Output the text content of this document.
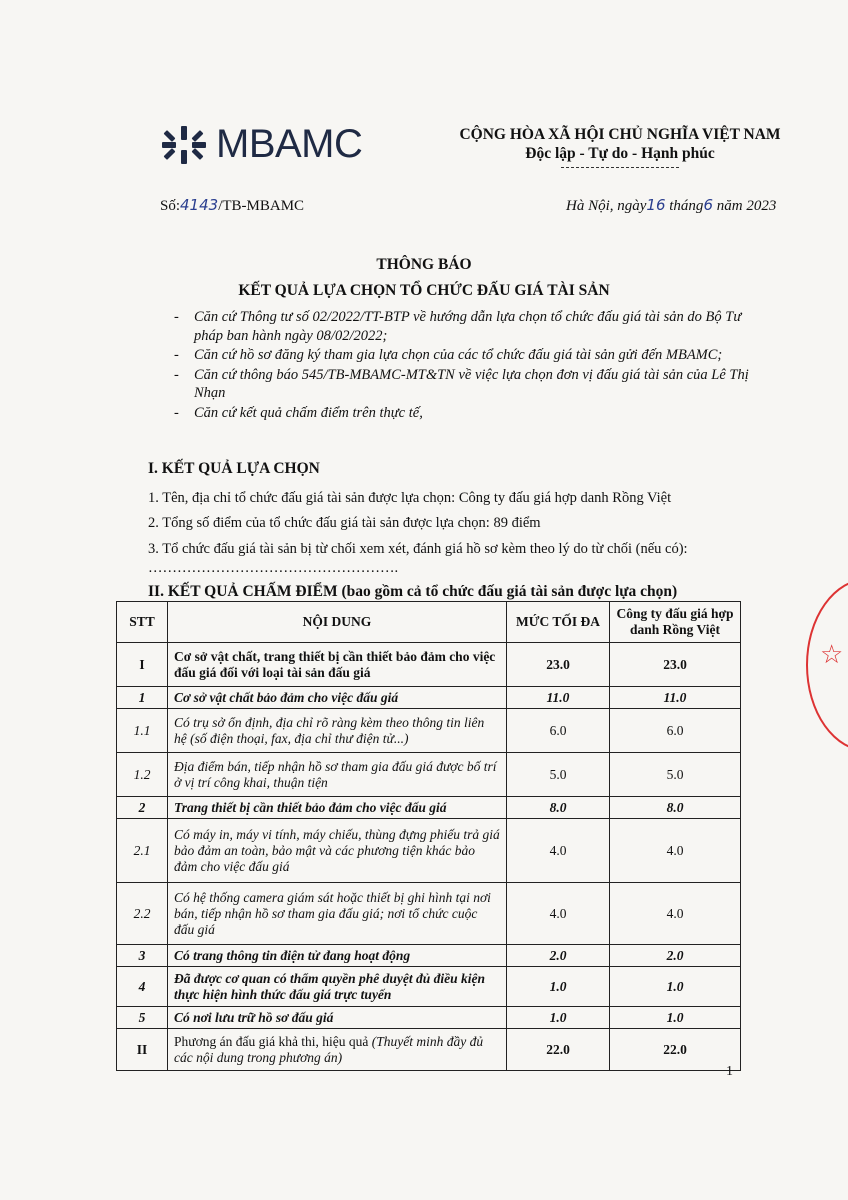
MBAMC	CỘNG HÒA XÃ HỘI CHỦ NGHĨA VIỆT NAM
Độc lập - Tự do - Hạnh phúc
Số:4143/TB-MBAMC	Hà Nội, ngày16 tháng6 năm 2023
THÔNG BÁO
KẾT QUẢ LỰA CHỌN TỔ CHỨC ĐẤU GIÁ TÀI SẢN
- Căn cứ Thông tư số 02/2022/TT-BTP về hướng dẫn lựa chọn tổ chức đấu giá tài sản do Bộ Tư pháp ban hành ngày 08/02/2022;
- Căn cứ hồ sơ đăng ký tham gia lựa chọn của các tổ chức đấu giá tài sản gửi đến MBAMC;
- Căn cứ thông báo 545/TB-MBAMC-MT&TN về việc lựa chọn đơn vị đấu giá tài sản của Lê Thị Nhạn
- Căn cứ kết quả chấm điểm trên thực tế,
I. KẾT QUẢ LỰA CHỌN
1. Tên, địa chỉ tổ chức đấu giá tài sản được lựa chọn: Công ty đấu giá hợp danh Rồng Việt
2. Tổng số điểm của tổ chức đấu giá tài sản được lựa chọn: 89 điểm
3. Tổ chức đấu giá tài sản bị từ chối xem xét, đánh giá hồ sơ kèm theo lý do từ chối (nếu có): …………………………………………….
II. KẾT QUẢ CHẤM ĐIỂM (bao gồm cả tổ chức đấu giá tài sản được lựa chọn)
STT	NỘI DUNG	MỨC TỐI ĐA	Công ty đấu giá hợp danh Rồng Việt
I	Cơ sở vật chất, trang thiết bị cần thiết bảo đảm cho việc đấu giá đối với loại tài sản đấu giá	23.0	23.0
1	Cơ sở vật chất bảo đảm cho việc đấu giá	11.0	11.0
1.1	Có trụ sở ổn định, địa chỉ rõ ràng kèm theo thông tin liên hệ (số điện thoại, fax, địa chỉ thư điện tử...)	6.0	6.0
1.2	Địa điểm bán, tiếp nhận hồ sơ tham gia đấu giá được bố trí ở vị trí công khai, thuận tiện	5.0	5.0
2	Trang thiết bị cần thiết bảo đảm cho việc đấu giá	8.0	8.0
2.1	Có máy in, máy vi tính, máy chiếu, thùng đựng phiếu trả giá bảo đảm an toàn, bảo mật và các phương tiện khác bảo đảm cho việc đấu giá	4.0	4.0
2.2	Có hệ thống camera giám sát hoặc thiết bị ghi hình tại nơi bán, tiếp nhận hồ sơ tham gia đấu giá; nơi tổ chức cuộc đấu giá	4.0	4.0
3	Có trang thông tin điện tử đang hoạt động	2.0	2.0
4	Đã được cơ quan có thẩm quyền phê duyệt đủ điều kiện thực hiện hình thức đấu giá trực tuyến	1.0	1.0
5	Có nơi lưu trữ hồ sơ đấu giá	1.0	1.0
II	Phương án đấu giá khả thi, hiệu quả (Thuyết minh đầy đủ các nội dung trong phương án)	22.0	22.0
☆
1
